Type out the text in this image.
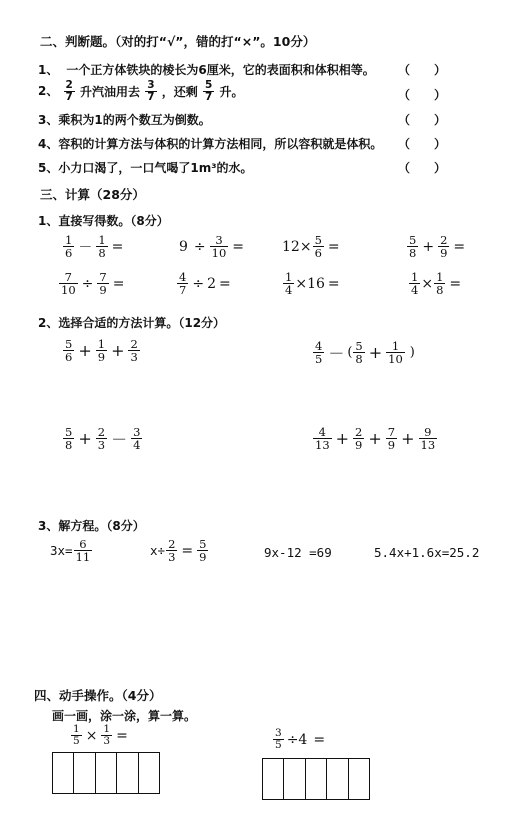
二、判断题。（对的打“√”，错的打“×”。10分）
1、 一个正方体铁块的棱长为6厘米，它的表面积和体积相等。 （　　）
2、 $\frac{2}{7}$ 升汽油用去 $\frac{3}{7}$ ，还剩 $\frac{5}{7}$ 升。	（　　）
3、乘积为1的两个数互为倒数。	（　　）
4、容积的计算方法与体积的计算方法相同，所以容积就是体积。 （　　）
5、小力口渴了，一口气喝了1m³的水。	（　　）
三、计算（28分）
1、直接写得数。（8分）
$\frac{1}{6} - \frac{1}{8}$ =	$9 \div \frac{3}{10}$ =	$12\times \frac{5}{6}$ =	$\frac{5}{8} + \frac{2}{9}$ =
$\frac{7}{10} \div \frac{7}{9}$ =	$\frac{4}{7} \div 2$ =	$\frac{1}{4} \times 16$ =	$\frac{1}{4} \times \frac{1}{8}$ =
2、选择合适的方法计算。（12分）
$\frac{5}{6} + \frac{1}{9} + \frac{2}{3}$	$\frac{4}{5}$ － ( $\frac{5}{8} + \frac{1}{10}$ )
$\frac{5}{8} + \frac{2}{3} - \frac{3}{4}$	$\frac{4}{13} + \frac{2}{9} + \frac{7}{9} + \frac{9}{13}$
3、解方程。（8分）
$3x= \frac{6}{11}$	$x\div \frac{2}{3} = \frac{5}{9}$	9x-12 =69	5.4x+1.6x=25.2
四、动手操作。（4分）
画一画，涂一涂，算一算。
$\frac{1}{5} \times \frac{1}{3}$ =	$\frac{3}{5} \div 4$ =
